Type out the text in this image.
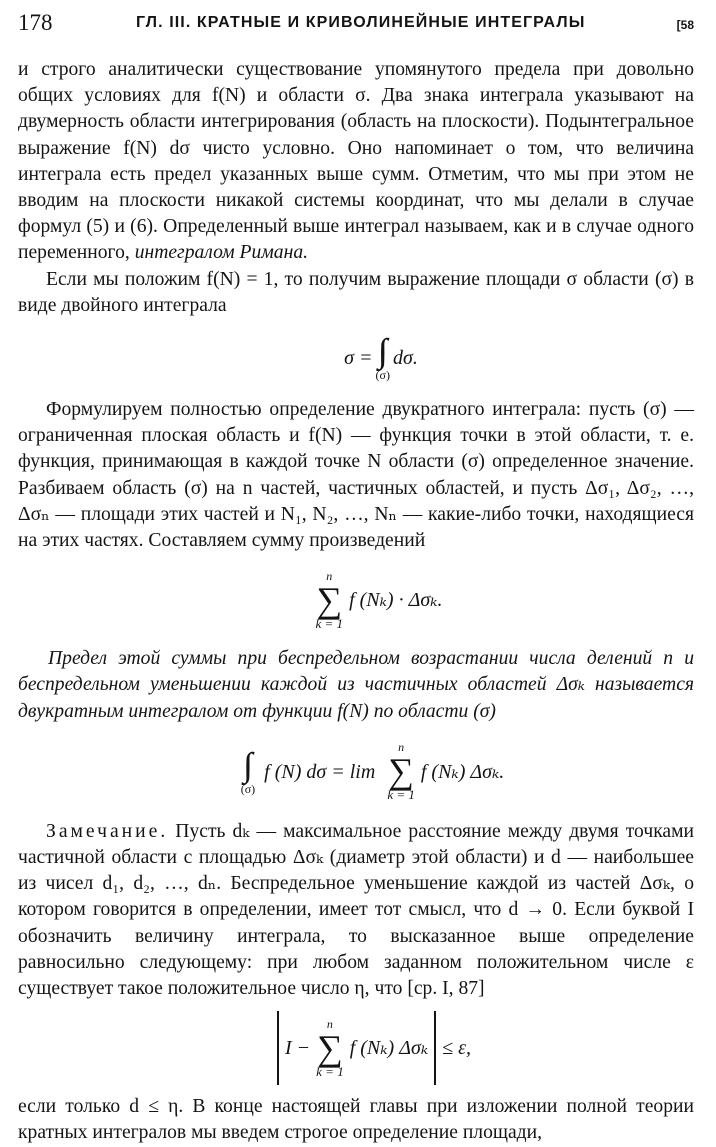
178	ГЛ. III. КРАТНЫЕ И КРИВОЛИНЕЙНЫЕ ИНТЕГРАЛЫ	[58

и строго аналитически существование упомянутого предела при довольно общих условиях для f(N) и области σ. Два знака интеграла указывают на двумерность области интегрирования (область на плоскости). Подынтегральное выражение f(N) dσ чисто условно. Оно напоминает о том, что величина интеграла есть предел указанных выше сумм. Отметим, что мы при этом не вводим на плоскости никакой системы координат, что мы делали в случае формул (5) и (6). Определенный выше интеграл называем, как и в случае одного переменного, интегралом Римана.

Если мы положим f(N) = 1, то получим выражение площади σ области (σ) в виде двойного интеграла

σ = ∫∫
(σ)
dσ.

Формулируем полностью определение двукратного интеграла: пусть (σ) — ограниченная плоская область и f(N) — функция точки в этой области, т. е. функция, принимающая в каждой точке N области (σ) определенное значение. Разбиваем область (σ) на n частей, частичных областей, и пусть Δσ₁, Δσ₂, …, Δσₙ — площади этих частей и N₁, N₂, …, Nₙ — какие-либо точки, находящиеся на этих частях. Составляем сумму произведений

n
∑
k = 1
f (Nₖ) · Δσₖ.

Предел этой суммы при беспредельном возрастании числа делений n и беспредельном уменьшении каждой из частичных областей Δσₖ называется двукратным интегралом от функции f(N) по области (σ)

∫∫
(σ)
f (N) dσ = lim
n
∑
k = 1
f (Nₖ) Δσₖ.

Замечание. Пусть dₖ — максимальное расстояние между двумя точками частичной области с площадью Δσₖ (диаметр этой области) и d — наибольшее из чисел d₁, d₂, …, dₙ. Беспредельное уменьшение каждой из частей Δσₖ, о котором говорится в определении, имеет тот смысл, что d → 0. Если буквой I обозначить величину интеграла, то высказанное выше определение равносильно следующему: при любом заданном положительном числе ε существует такое положительное число η, что [ср. I, 87]

I −
n
∑
k = 1
f (Nₖ) Δσₖ ≤ ε,

если только d ≤ η. В конце настоящей главы при изложении полной теории кратных интегралов мы введем строгое определение площади,
